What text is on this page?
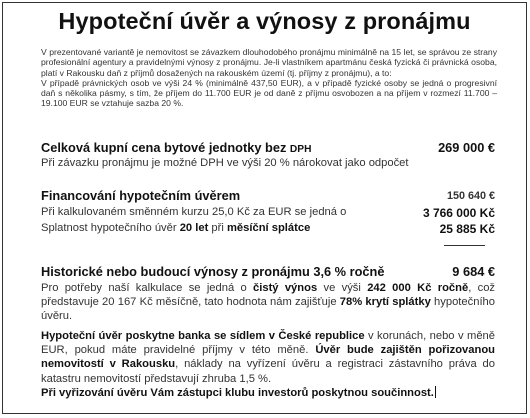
Hypoteční úvěr a výnosy z pronájmu

V prezentované variantě je nemovitost se závazkem dlouhodobého pronájmu minimálně na 15 let, se správou ze strany profesionální agentury a pravidelnými výnosy z pronájmu. Je-li vlastníkem apartmánu česká fyzická či právnická osoba, platí v Rakousku daň z příjmů dosažených na rakouském území (tj. příjmy z pronájmu), a to:

V případě právnických osob ve výši 24 % (minimálně 437,50 EUR), a v případě fyzické osoby se jedná o progresivní daň s několika pásmy, s tím, že příjem do 11.700 EUR je od daně z příjmu osvobozen a na příjem v rozmezí 11.700 – 19.100 EUR se vztahuje sazba 20 %.

Celková kupní cena bytové jednotky bez DPH	269 000 €
Při závazku pronájmu je možné DPH ve výši 20 % nárokovat jako odpočet
Financování hypotečním úvěrem	150 640 €
Při kalkulovaném směnném kurzu 25,0 Kč za EUR se jedná o	3 766 000 Kč
Splatnost hypotečního úvěr 20 let při měsíční splátce	25 885 Kč
Historické nebo budoucí výnosy z pronájmu 3,6 % ročně	9 684 €
Pro potřeby naší kalkulace se jedná o čistý výnos ve výši 242 000 Kč ročně, což představuje 20 167 Kč měsíčně, tato hodnota nám zajišťuje 78% krytí splátky hypotečního úvěru.
Hypoteční úvěr poskytne banka se sídlem v České republice v korunách, nebo v měně EUR, pokud máte pravidelné příjmy v této měně. Úvěr bude zajištěn pořizovanou nemovitostí v Rakousku, náklady na vyřízení úvěru a registraci zástavního práva do katastru nemovitostí představují zhruba 1,5 %.
Při vyřizování úvěru Vám zástupci klubu investorů poskytnou součinnost.
